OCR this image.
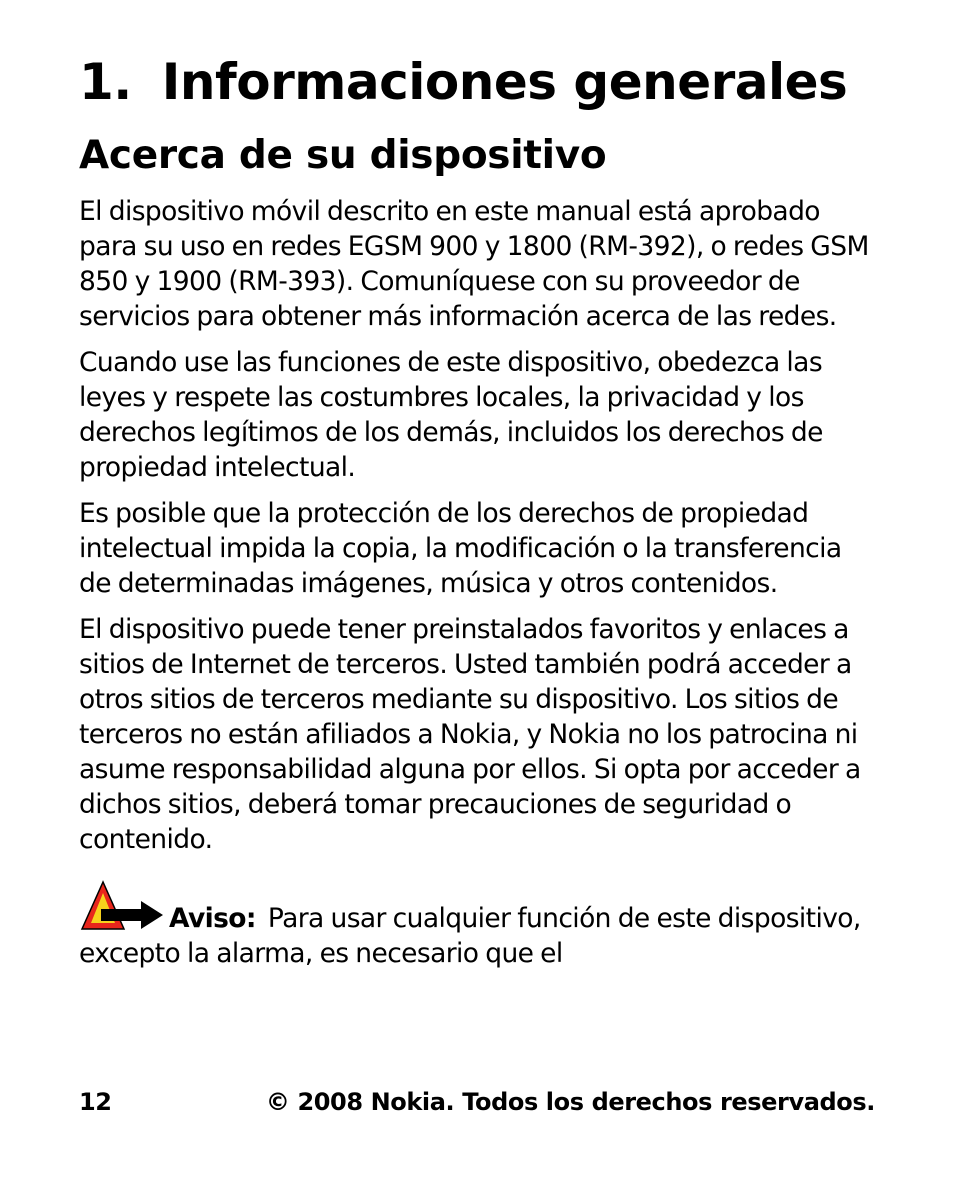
1. Informaciones generales
Acerca de su dispositivo

El dispositivo móvil descrito en este manual está aprobado para su uso en redes EGSM 900 y 1800 (RM-392), o redes GSM 850 y 1900 (RM-393). Comuníquese con su proveedor de servicios para obtener más información acerca de las redes.

Cuando use las funciones de este dispositivo, obedezca las leyes y respete las costumbres locales, la privacidad y los derechos legítimos de los demás, incluidos los derechos de propiedad intelectual.

Es posible que la protección de los derechos de propiedad intelectual impida la copia, la modificación o la transferencia de determinadas imágenes, música y otros contenidos.

El dispositivo puede tener preinstalados favoritos y enlaces a sitios de Internet de terceros. Usted también podrá acceder a otros sitios de terceros mediante su dispositivo. Los sitios de terceros no están afiliados a Nokia, y Nokia no los patrocina ni asume responsabilidad alguna por ellos. Si opta por acceder a dichos sitios, deberá tomar precauciones de seguridad o contenido.

Aviso: Para usar cualquier función de este dispositivo, excepto la alarma, es necesario que el

12	© 2008 Nokia. Todos los derechos reservados.
